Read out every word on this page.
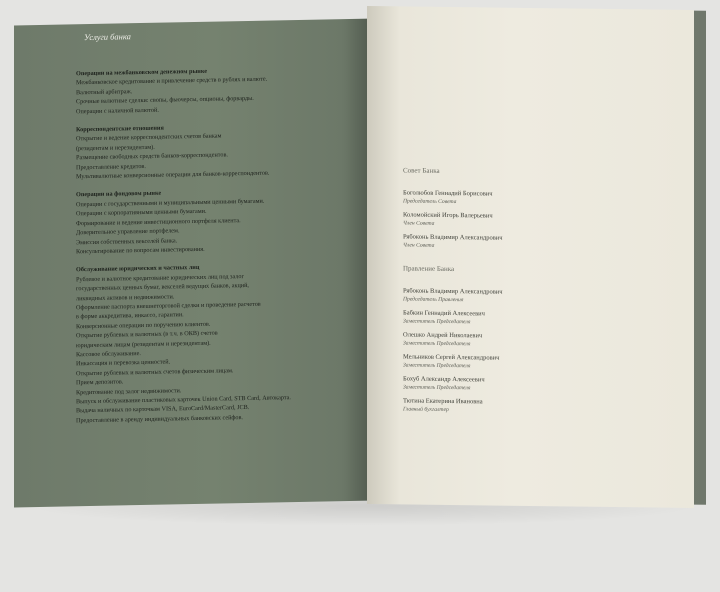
Услуги банка
Операции на межбанковском денежном рынке
Межбанковское кредитование и привлечение средств в рублях и валюте.
Валютный арбитраж.
Срочные валютные сделки: свопы, фьючерсы, опционы, форварды.
Операции с наличной валютой.
Корреспондентские отношения
Открытие и ведение корреспондентских счетов банкам
(резидентам и нерезидентам).
Размещение свободных средств банков-корреспондентов.
Предоставление кредитов.
Мультивалютные конверсионные операции для банков-корреспондентов.
Операции на фондовом рынке
Операции с государственными и муниципальными ценными бумагами.
Операции с корпоративными ценными бумагами.
Формирование и ведение инвестиционного портфеля клиента.
Доверительное управление портфелем.
Эмиссия собственных векселей банка.
Консультирование по вопросам инвестирования.
Обслуживание юридических и частных лиц
Рублевое и валютное кредитование юридических лиц под залог
государственных ценных бумаг, векселей ведущих банков, акций,
ликвидных активов и недвижимости.
Оформление паспорта внешнеторговой сделки и проведение расчетов
в форме аккредитива, инкассо, гарантии.
Конверсионные операции по поручению клиентов.
Открытие рублевых и валютных (в т.ч. в ОКВ) счетов
юридическим лицам (резидентам и нерезидентам).
Кассовое обслуживание.
Инкассация и перевозка ценностей.
Открытие рублевых и валютных счетов физическим лицам.
Прием депозитов.
Кредитование под залог недвижимости.
Выпуск и обслуживание пластиковых карточек Union Card, STB Card, Автокарта.
Выдача наличных по карточкам VISA, EuroCard/MasterCard, JCB.
Предоставление в аренду индивидуальных банковских сейфов.
Совет Банка
Боголюбов Геннадий Борисович
Председатель Совета
Коломойский Игорь Валерьевич
Член Совета
Рябоконь Владимир Александрович
Член Совета
Правление Банка
Рябоконь Владимир Александрович
Председатель Правления
Бабкин Геннадий Алексеевич
Заместитель Председателя
Олешко Андрей Николаевич
Заместитель Председателя
Мельников Сергей Александрович
Заместитель Председателя
Бохуб Александр Алексеевич
Заместитель Председателя
Тютина Екатерина Ивановна
Главный бухгалтер
